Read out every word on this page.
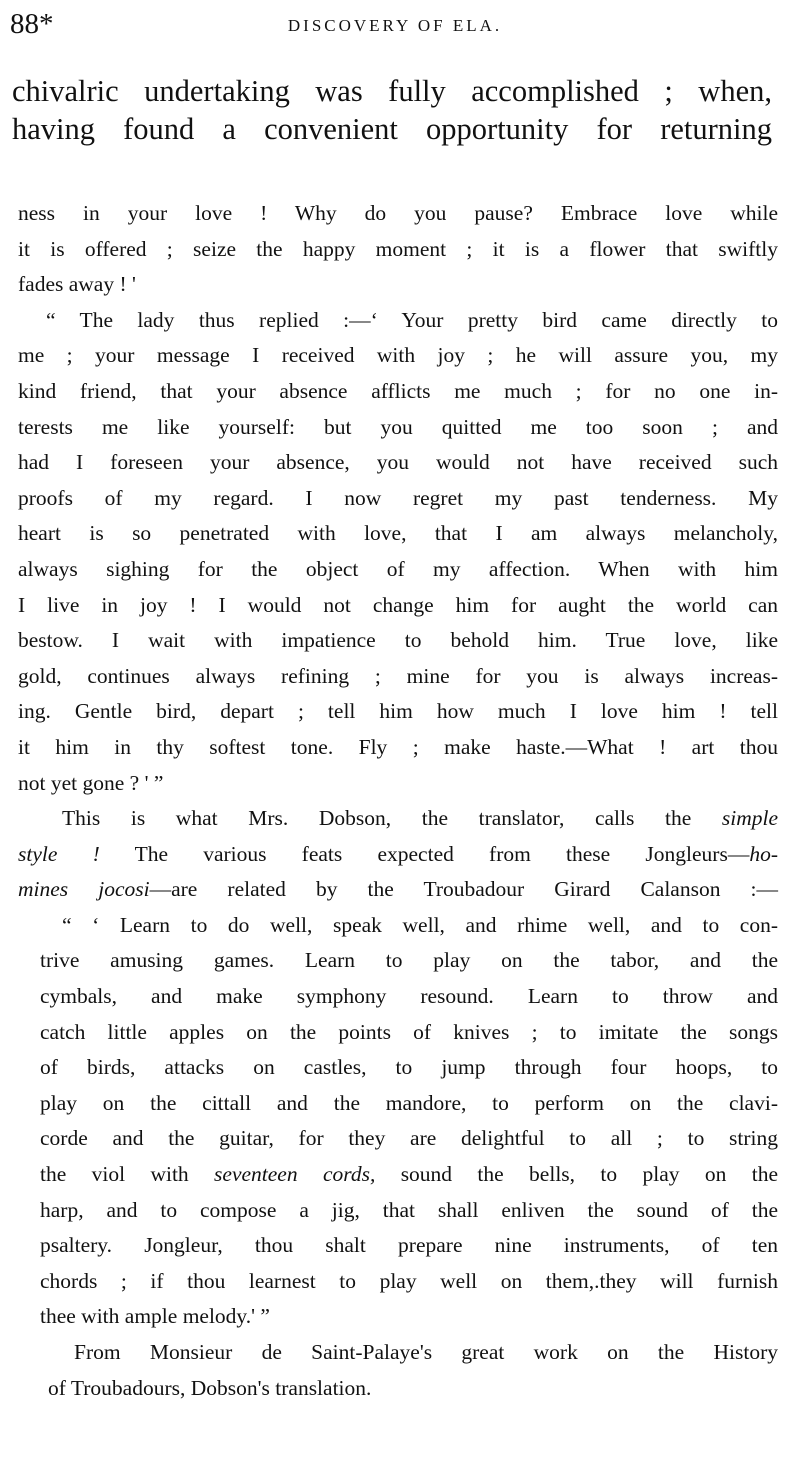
88*	DISCOVERY OF ELA.
chivalric undertaking was fully accomplished ; when,
having found a convenient opportunity for returning
ness in your love ! Why do you pause? Embrace love while
it is offered ; seize the happy moment ; it is a flower that swiftly
fades away ! '
“ The lady thus replied :—‘ Your pretty bird came directly to
me ; your message I received with joy ; he will assure you, my
kind friend, that your absence afflicts me much ; for no one in-
terests me like yourself: but you quitted me too soon ; and
had I foreseen your absence, you would not have received such
proofs of my regard. I now regret my past tenderness. My
heart is so penetrated with love, that I am always melancholy,
always sighing for the object of my affection. When with him
I live in joy ! I would not change him for aught the world can
bestow. I wait with impatience to behold him. True love, like
gold, continues always refining ; mine for you is always increas-
ing. Gentle bird, depart ; tell him how much I love him ! tell
it him in thy softest tone. Fly ; make haste.—What ! art thou
not yet gone ? ' ”
This is what Mrs. Dobson, the translator, calls the simple
style ! The various feats expected from these Jongleurs—ho-
mines jocosi—are related by the Troubadour Girard Calanson :—
“ ‘ Learn to do well, speak well, and rhime well, and to con-
trive amusing games. Learn to play on the tabor, and the
cymbals, and make symphony resound. Learn to throw and
catch little apples on the points of knives ; to imitate the songs
of birds, attacks on castles, to jump through four hoops, to
play on the cittall and the mandore, to perform on the clavi-
corde and the guitar, for they are delightful to all ; to string
the viol with seventeen cords, sound the bells, to play on the
harp, and to compose a jig, that shall enliven the sound of the
psaltery. Jongleur, thou shalt prepare nine instruments, of ten
chords ; if thou learnest to play well on them,.they will furnish
thee with ample melody.' ”
From Monsieur de Saint-Palaye's great work on the History
of Troubadours, Dobson's translation.
